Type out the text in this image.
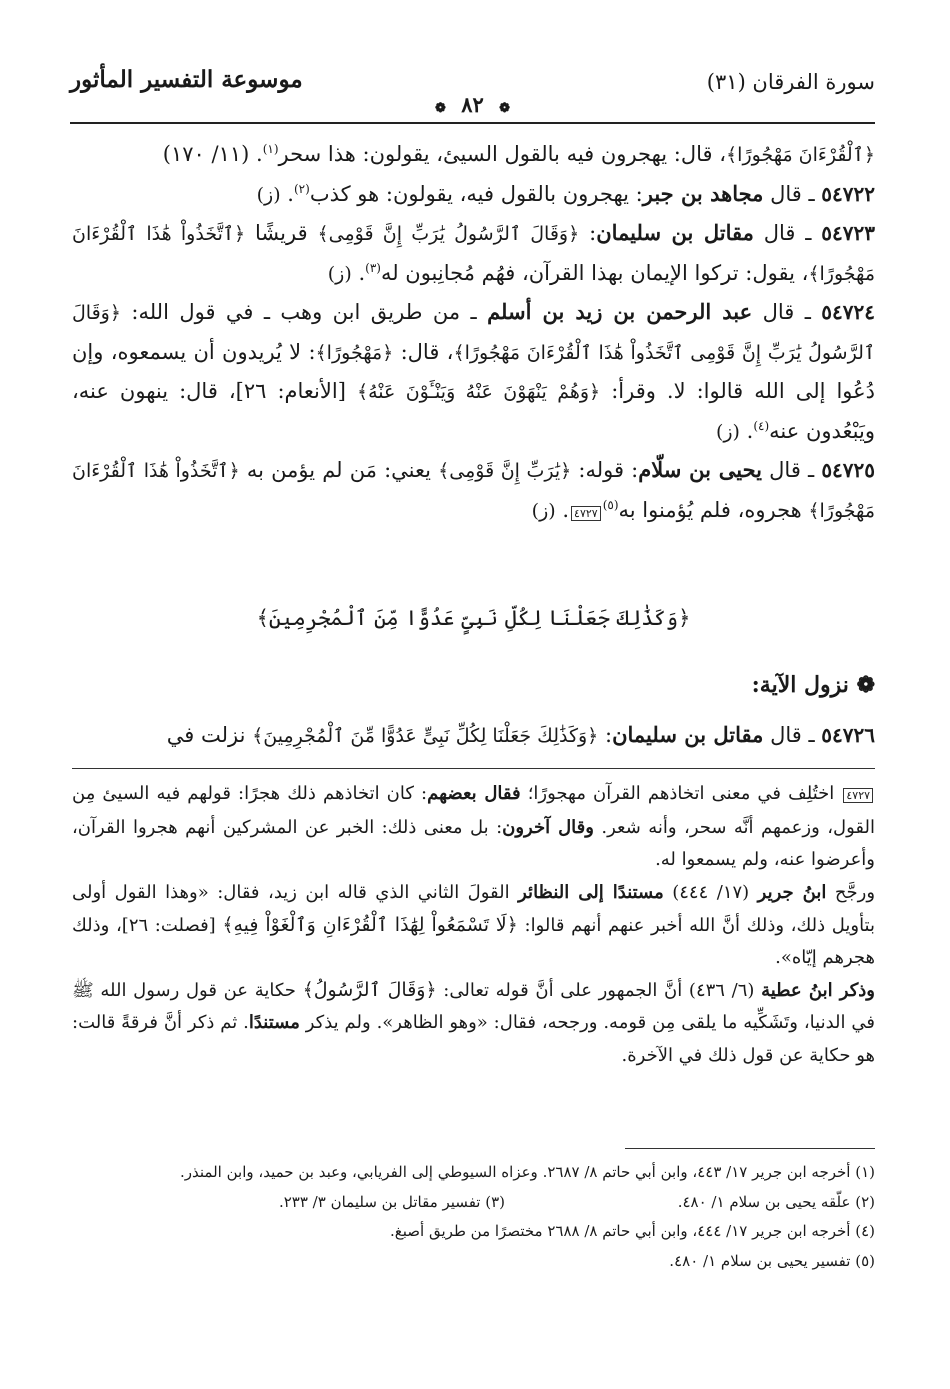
سورة الفرقان (٣١)
موسوعة التفسير المأثور
❁ ٨٢ ❁

﴿ٱلْقُرْءَانَ مَهْجُورًا﴾، قال: يهجرون فيه بالقول السيئ، يقولون: هذا سحر$^{(١)}$. (١١/ ١٧٠)

٥٤٧٢٢ ـ قال مجاهد بن جبر: يهجرون بالقول فيه، يقولون: هو كذب$^{(٢)}$. (ز)

٥٤٧٢٣ ـ قال مقاتل بن سليمان: ﴿وَقَالَ ٱلرَّسُولُ يَٰرَبِّ إِنَّ قَوْمِى﴾ قريشًا ﴿ٱتَّخَذُواْ هَٰذَا ٱلْقُرْءَانَ مَهْجُورًا﴾، يقول: تركوا الإيمان بهذا القرآن، فهُم مُجانِبون له$^{(٣)}$. (ز)

٥٤٧٢٤ ـ قال عبد الرحمن بن زيد بن أسلم ـ من طريق ابن وهب ـ في قول الله: ﴿وَقَالَ ٱلرَّسُولُ يَٰرَبِّ إِنَّ قَوْمِى ٱتَّخَذُواْ هَٰذَا ٱلْقُرْءَانَ مَهْجُورًا﴾، قال: ﴿مَهْجُورًا﴾: لا يُريدون أن يسمعوه، وإن دُعُوا إلى الله قالوا: لا. وقرأ: ﴿وَهُمْ يَنْهَوْنَ عَنْهُ وَيَنْـَٔوْنَ عَنْهُ﴾ [الأنعام: ٢٦]، قال: ينهون عنه، ويَبْعُدون عنه$^{(٤)}$. (ز)

٥٤٧٢٥ ـ قال يحيى بن سلّام: قوله: ﴿يَٰرَبِّ إِنَّ قَوْمِى﴾ يعني: مَن لم يؤمن به ﴿ٱتَّخَذُواْ هَٰذَا ٱلْقُرْءَانَ مَهْجُورًا﴾ هجروه، فلم يُؤمنوا به$^{(٥)}$٤٧٢٧. (ز)

﴿وَكَذَٰلِكَ جَعَلْنَا لِكُلِّ نَبِىٍّ عَدُوًّا مِّنَ ٱلْمُجْرِمِينَ﴾
❁ نزول الآية:
٥٤٧٢٦ ـ قال مقاتل بن سليمان: ﴿وَكَذَٰلِكَ جَعَلْنَا لِكُلِّ نَبِىٍّ عَدُوًّا مِّنَ ٱلْمُجْرِمِينَ﴾ نزلت في

٤٧٢٧ اختُلِف في معنى اتخاذهم القرآن مهجورًا؛ فقال بعضهم: كان اتخاذهم ذلك هجرًا: قولهم فيه السيئ مِن القول، وزعمهم أنَّه سحر، وأنه شعر. وقال آخرون: بل معنى ذلك: الخبر عن المشركين أنهم هجروا القرآن، وأعرضوا عنه، ولم يسمعوا له.

ورجَّح ابنُ جرير (١٧/ ٤٤٤) مستندًا إلى النظائر القولَ الثاني الذي قاله ابن زيد، فقال: «وهذا القول أولى بتأويل ذلك، وذلك أنَّ الله أخبر عنهم أنهم قالوا: ﴿لَا تَسْمَعُواْ لِهَٰذَا ٱلْقُرْءَانِ وَٱلْغَوْاْ فِيهِ﴾ [فصلت: ٢٦]، وذلك هجرهم إيّاه».

وذكر ابنُ عطية (٦/ ٤٣٦) أنَّ الجمهور على أنَّ قوله تعالى: ﴿وَقَالَ ٱلرَّسُولُ﴾ حكاية عن قول رسول الله ﷺ في الدنيا، وتَشَكِّيه ما يلقى مِن قومه. ورجحه، فقال: «وهو الظاهر». ولم يذكر مستندًا. ثم ذكر أنَّ فرقةً قالت: هو حكاية عن قول ذلك في الآخرة.

(١) أخرجه ابن جرير ١٧/ ٤٤٣، وابن أبي حاتم ٨/ ٢٦٨٧. وعزاه السيوطي إلى الفريابي، وعبد بن حميد، وابن المنذر.

(٢) علّقه يحيى بن سلام ١/ ٤٨٠.
(٣) تفسير مقاتل بن سليمان ٣/ ٢٣٣.

(٤) أخرجه ابن جرير ١٧/ ٤٤٤، وابن أبي حاتم ٨/ ٢٦٨٨ مختصرًا من طريق أصبغ.

(٥) تفسير يحيى بن سلام ١/ ٤٨٠.
